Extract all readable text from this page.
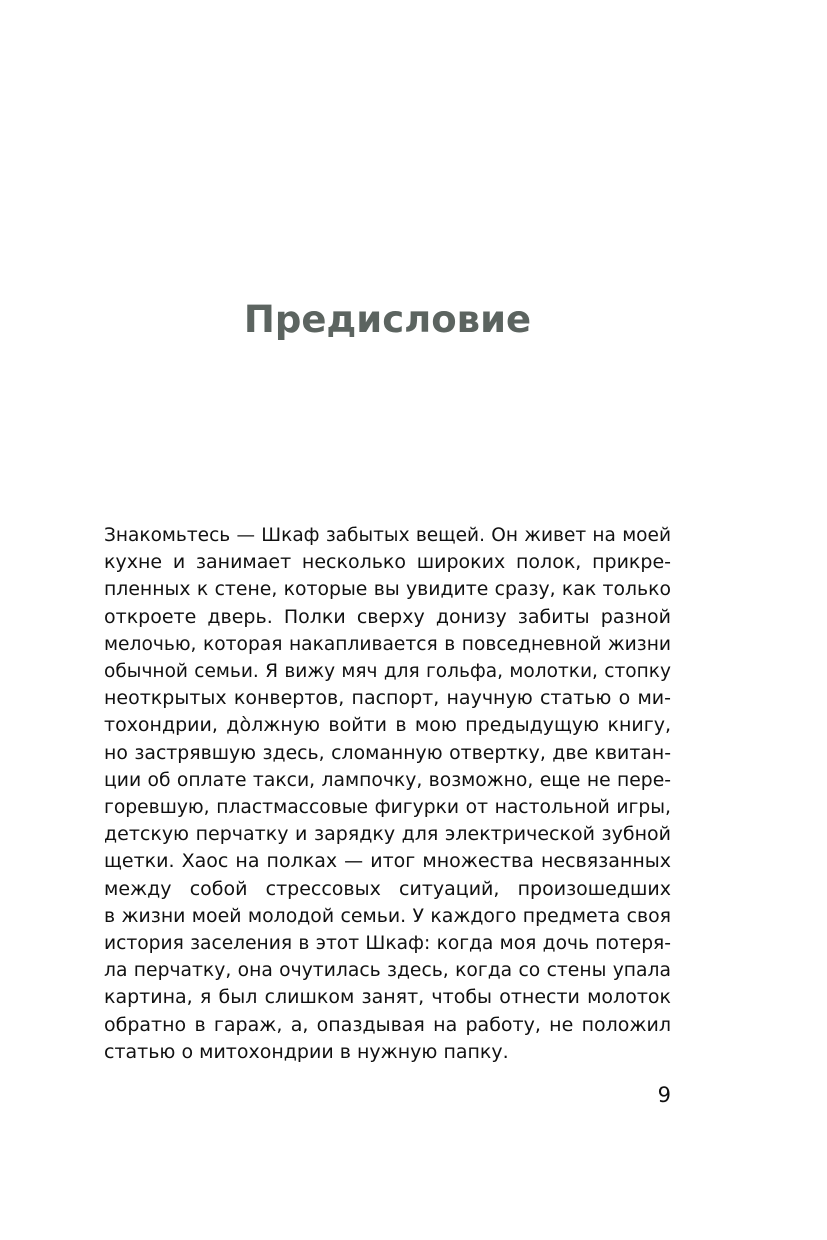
Предисловие

Знакомьтесь — Шкаф забытых вещей. Он живет на моей
кухне и занимает несколько широких полок, прикре-
пленных к стене, которые вы увидите сразу, как только
откроете дверь. Полки сверху донизу забиты разной
мелочью, которая накапливается в повседневной жизни
обычной семьи. Я вижу мяч для гольфа, молотки, стопку
неоткрытых конвертов, паспорт, научную статью о ми-
тохондрии, дòлжную войти в мою предыдущую книгу,
но застрявшую здесь, сломанную отвертку, две квитан-
ции об оплате такси, лампочку, возможно, еще не пере-
горевшую, пластмассовые фигурки от настольной игры,
детскую перчатку и зарядку для электрической зубной
щетки. Хаос на полках — итог множества несвязанных
между собой стрессовых ситуаций, произошедших
в жизни моей молодой семьи. У каждого предмета своя
история заселения в этот Шкаф: когда моя дочь потеря-
ла перчатку, она очутилась здесь, когда со стены упала
картина, я был слишком занят, чтобы отнести молоток
обратно в гараж, а, опаздывая на работу, не положил
статью о митохондрии в нужную папку.

9
